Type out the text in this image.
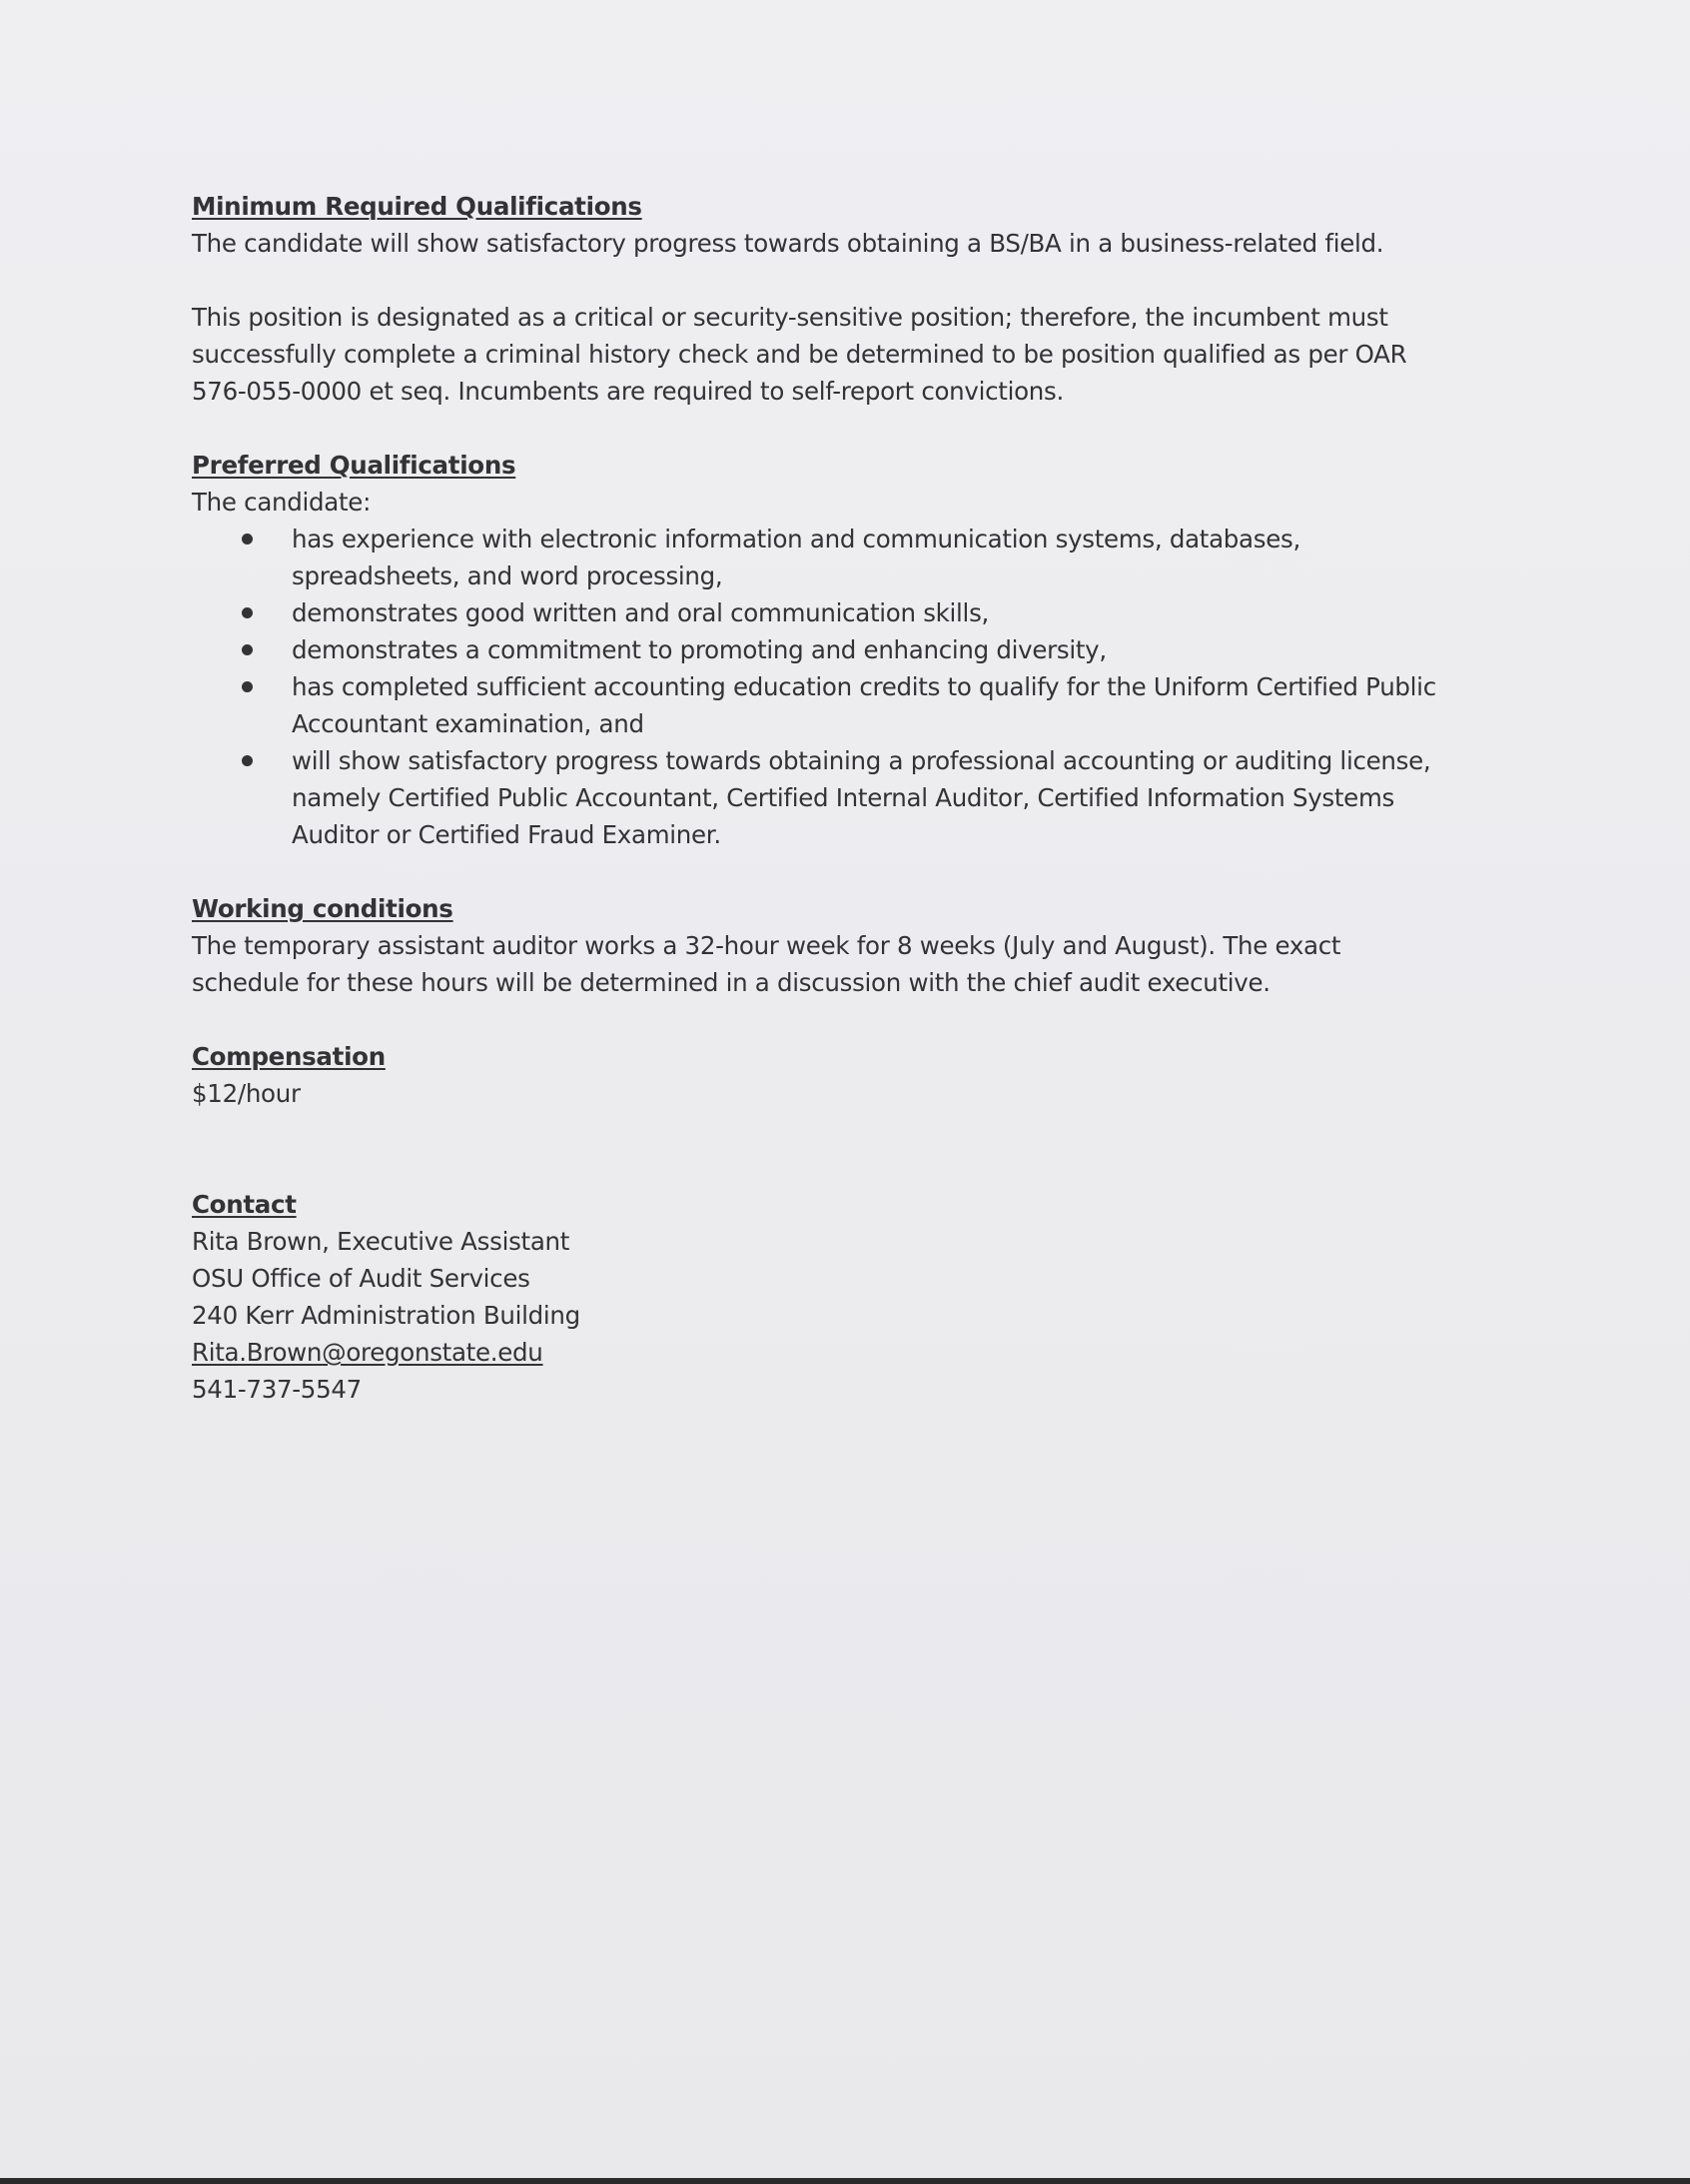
Minimum Required Qualifications

The candidate will show satisfactory progress towards obtaining a BS/BA in a business-related field.

This position is designated as a critical or security-sensitive position; therefore, the incumbent must

successfully complete a criminal history check and be determined to be position qualified as per OAR

576-055-0000 et seq. Incumbents are required to self-report convictions.

Preferred Qualifications

The candidate:

has experience with electronic information and communication systems, databases,
spreadsheets, and word processing,
demonstrates good written and oral communication skills,
demonstrates a commitment to promoting and enhancing diversity,
has completed sufficient accounting education credits to qualify for the Uniform Certified Public
Accountant examination, and
will show satisfactory progress towards obtaining a professional accounting or auditing license,
namely Certified Public Accountant, Certified Internal Auditor, Certified Information Systems
Auditor or Certified Fraud Examiner.

Working conditions

The temporary assistant auditor works a 32-hour week for 8 weeks (July and August). The exact

schedule for these hours will be determined in a discussion with the chief audit executive.

Compensation

$12/hour

Contact

Rita Brown, Executive Assistant

OSU Office of Audit Services

240 Kerr Administration Building

Rita.Brown@oregonstate.edu

541-737-5547
